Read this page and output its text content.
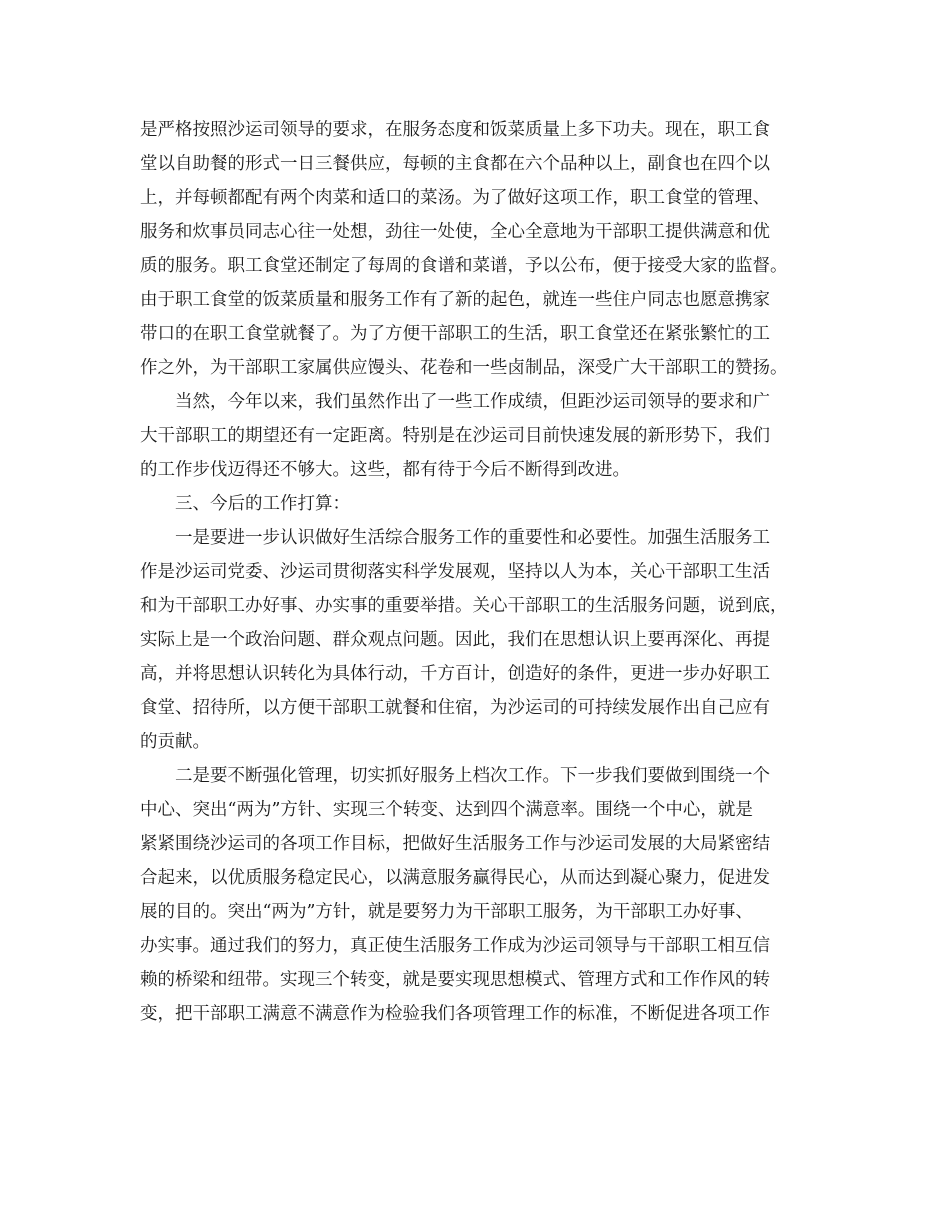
是严格按照沙运司领导的要求，在服务态度和饭菜质量上多下功夫。现在，职工食
堂以自助餐的形式一日三餐供应，每顿的主食都在六个品种以上，副食也在四个以
上，并每顿都配有两个肉菜和适口的菜汤。为了做好这项工作，职工食堂的管理、
服务和炊事员同志心往一处想，劲往一处使，全心全意地为干部职工提供满意和优
质的服务。职工食堂还制定了每周的食谱和菜谱，予以公布，便于接受大家的监督。
由于职工食堂的饭菜质量和服务工作有了新的起色，就连一些住户同志也愿意携家
带口的在职工食堂就餐了。为了方便干部职工的生活，职工食堂还在紧张繁忙的工
作之外，为干部职工家属供应馒头、花卷和一些卤制品，深受广大干部职工的赞扬。
当然，今年以来，我们虽然作出了一些工作成绩，但距沙运司领导的要求和广
大干部职工的期望还有一定距离。特别是在沙运司目前快速发展的新形势下，我们
的工作步伐迈得还不够大。这些，都有待于今后不断得到改进。
三、今后的工作打算：
一是要进一步认识做好生活综合服务工作的重要性和必要性。加强生活服务工
作是沙运司党委、沙运司贯彻落实科学发展观，坚持以人为本，关心干部职工生活
和为干部职工办好事、办实事的重要举措。关心干部职工的生活服务问题，说到底，
实际上是一个政治问题、群众观点问题。因此，我们在思想认识上要再深化、再提
高，并将思想认识转化为具体行动，千方百计，创造好的条件，更进一步办好职工
食堂、招待所，以方便干部职工就餐和住宿，为沙运司的可持续发展作出自己应有
的贡献。
二是要不断强化管理，切实抓好服务上档次工作。下一步我们要做到围绕一个
中心、突出“两为”方针、实现三个转变、达到四个满意率。围绕一个中心，就是
紧紧围绕沙运司的各项工作目标，把做好生活服务工作与沙运司发展的大局紧密结
合起来，以优质服务稳定民心，以满意服务赢得民心，从而达到凝心聚力，促进发
展的目的。突出“两为”方针，就是要努力为干部职工服务，为干部职工办好事、
办实事。通过我们的努力，真正使生活服务工作成为沙运司领导与干部职工相互信
赖的桥梁和纽带。实现三个转变，就是要实现思想模式、管理方式和工作作风的转
变，把干部职工满意不满意作为检验我们各项管理工作的标准，不断促进各项工作
